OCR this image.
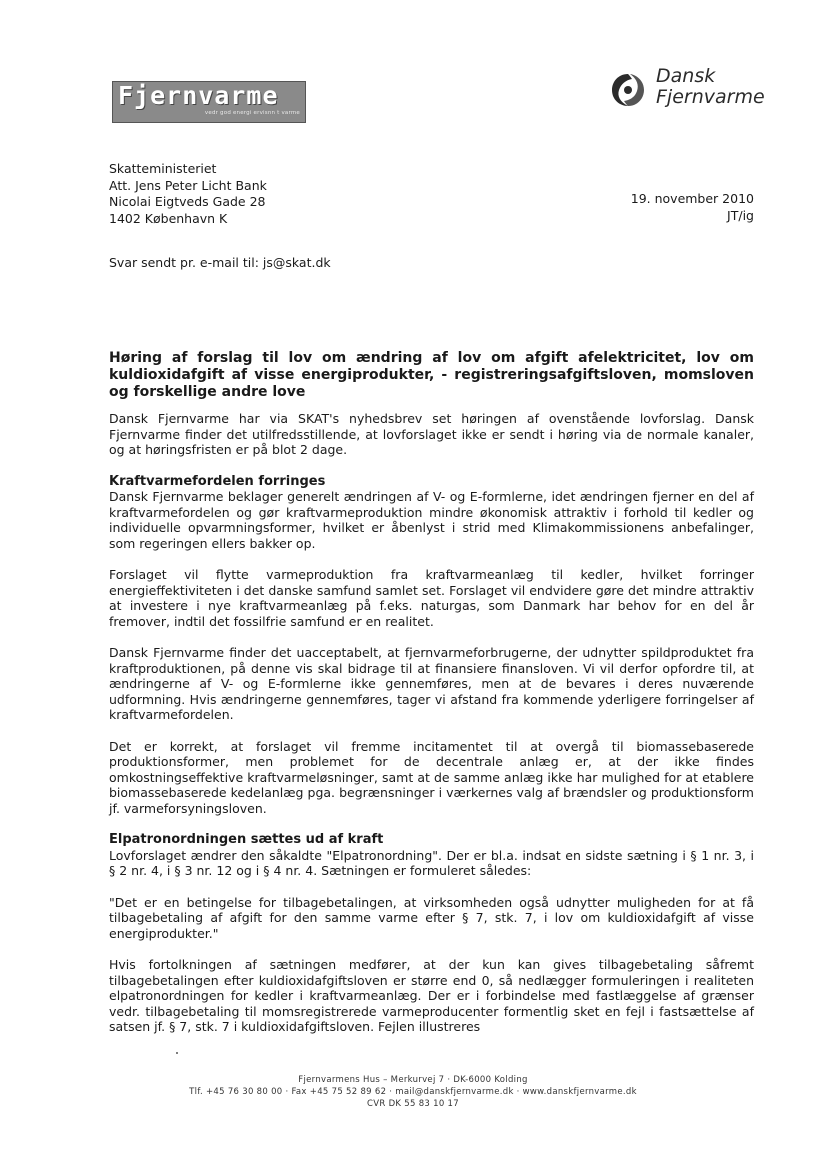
Fjernvarme
vedr god energi ervisnn t varme
Dansk
Fjernvarme
Skatteministeriet
Att. Jens Peter Licht Bank
Nicolai Eigtveds Gade 28
1402 København K
19. november 2010
JT/ig
Svar sendt pr. e-mail til: js@skat.dk

Høring af forslag til lov om ændring af lov om afgift afelektricitet, lov om kuldioxidafgift af visse energiprodukter, - registreringsafgiftsloven, momsloven og forskellige andre love

Dansk Fjernvarme har via SKAT's nyhedsbrev set høringen af ovenstående lovforslag. Dansk Fjernvarme finder det utilfredsstillende, at lovforslaget ikke er sendt i høring via de normale kanaler, og at høringsfristen er på blot 2 dage.

Kraftvarmefordelen forringes

Dansk Fjernvarme beklager generelt ændringen af V- og E-formlerne, idet ændringen fjerner en del af kraftvarmefordelen og gør kraftvarmeproduktion mindre økonomisk attraktiv i forhold til kedler og individuelle opvarmningsformer, hvilket er åbenlyst i strid med Klimakommissionens anbefalinger, som regeringen ellers bakker op.

Forslaget vil flytte varmeproduktion fra kraftvarmeanlæg til kedler, hvilket forringer energieffektiviteten i det danske samfund samlet set. Forslaget vil endvidere gøre det mindre attraktiv at investere i nye kraftvarmeanlæg på f.eks. naturgas, som Danmark har behov for en del år fremover, indtil det fossilfrie samfund er en realitet.

Dansk Fjernvarme finder det uacceptabelt, at fjernvarmeforbrugerne, der udnytter spildproduktet fra kraftproduktionen, på denne vis skal bidrage til at finansiere finansloven. Vi vil derfor opfordre til, at ændringerne af V- og E-formlerne ikke gennemføres, men at de bevares i deres nuværende udformning. Hvis ændringerne gennemføres, tager vi afstand fra kommende yderligere forringelser af kraftvarmefordelen.

Det er korrekt, at forslaget vil fremme incitamentet til at overgå til biomassebaserede produktionsformer, men problemet for de decentrale anlæg er, at der ikke findes omkostningseffektive kraftvarmeløsninger, samt at de samme anlæg ikke har mulighed for at etablere biomassebaserede kedelanlæg pga. begrænsninger i værkernes valg af brændsler og produktionsform jf. varmeforsyningsloven.

Elpatronordningen sættes ud af kraft

Lovforslaget ændrer den såkaldte "Elpatronordning". Der er bl.a. indsat en sidste sætning i § 1 nr. 3, i § 2 nr. 4, i § 3 nr. 12 og i § 4 nr. 4. Sætningen er formuleret således:

"Det er en betingelse for tilbagebetalingen, at virksomheden også udnytter muligheden for at få tilbagebetaling af afgift for den samme varme efter § 7, stk. 7, i lov om kuldioxidafgift af visse energiprodukter."

Hvis fortolkningen af sætningen medfører, at der kun kan gives tilbagebetaling såfremt tilbagebetalingen efter kuldioxidafgiftsloven er større end 0, så nedlægger formuleringen i realiteten elpatronordningen for kedler i kraftvarmeanlæg. Der er i forbindelse med fastlæggelse af grænser vedr. tilbagebetaling til momsregistrerede varmeproducenter formentlig sket en fejl i fastsættelse af satsen jf. § 7, stk. 7 i kuldioxidafgiftsloven. Fejlen illustreres

Fjernvarmens Hus – Merkurvej 7 · DK-6000 Kolding
Tlf. +45 76 30 80 00 · Fax +45 75 52 89 62 · mail@danskfjernvarme.dk · www.danskfjernvarme.dk
CVR DK 55 83 10 17
